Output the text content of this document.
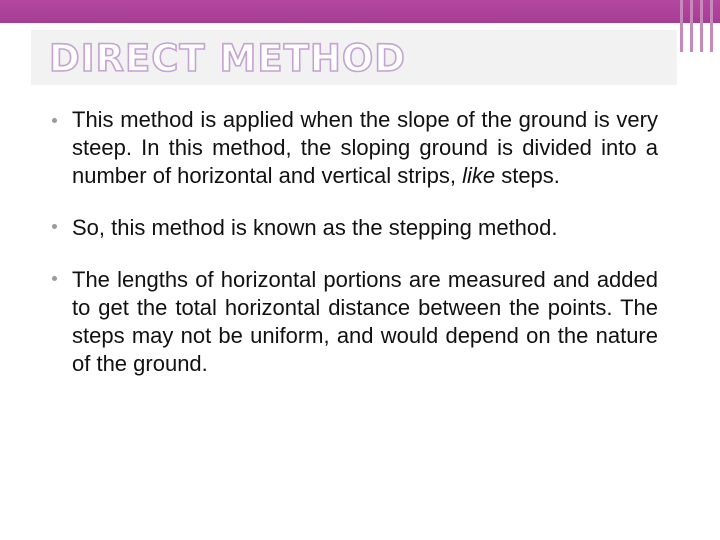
DIRECT METHOD
This method is applied when the slope of the ground is very steep. In this method, the sloping ground is divided into a number of horizontal and vertical strips, like steps.
So, this method is known as the stepping method.
The lengths of horizontal portions are measured and added to get the total horizontal distance between the points. The steps may not be uniform, and would depend on the nature of the ground.
